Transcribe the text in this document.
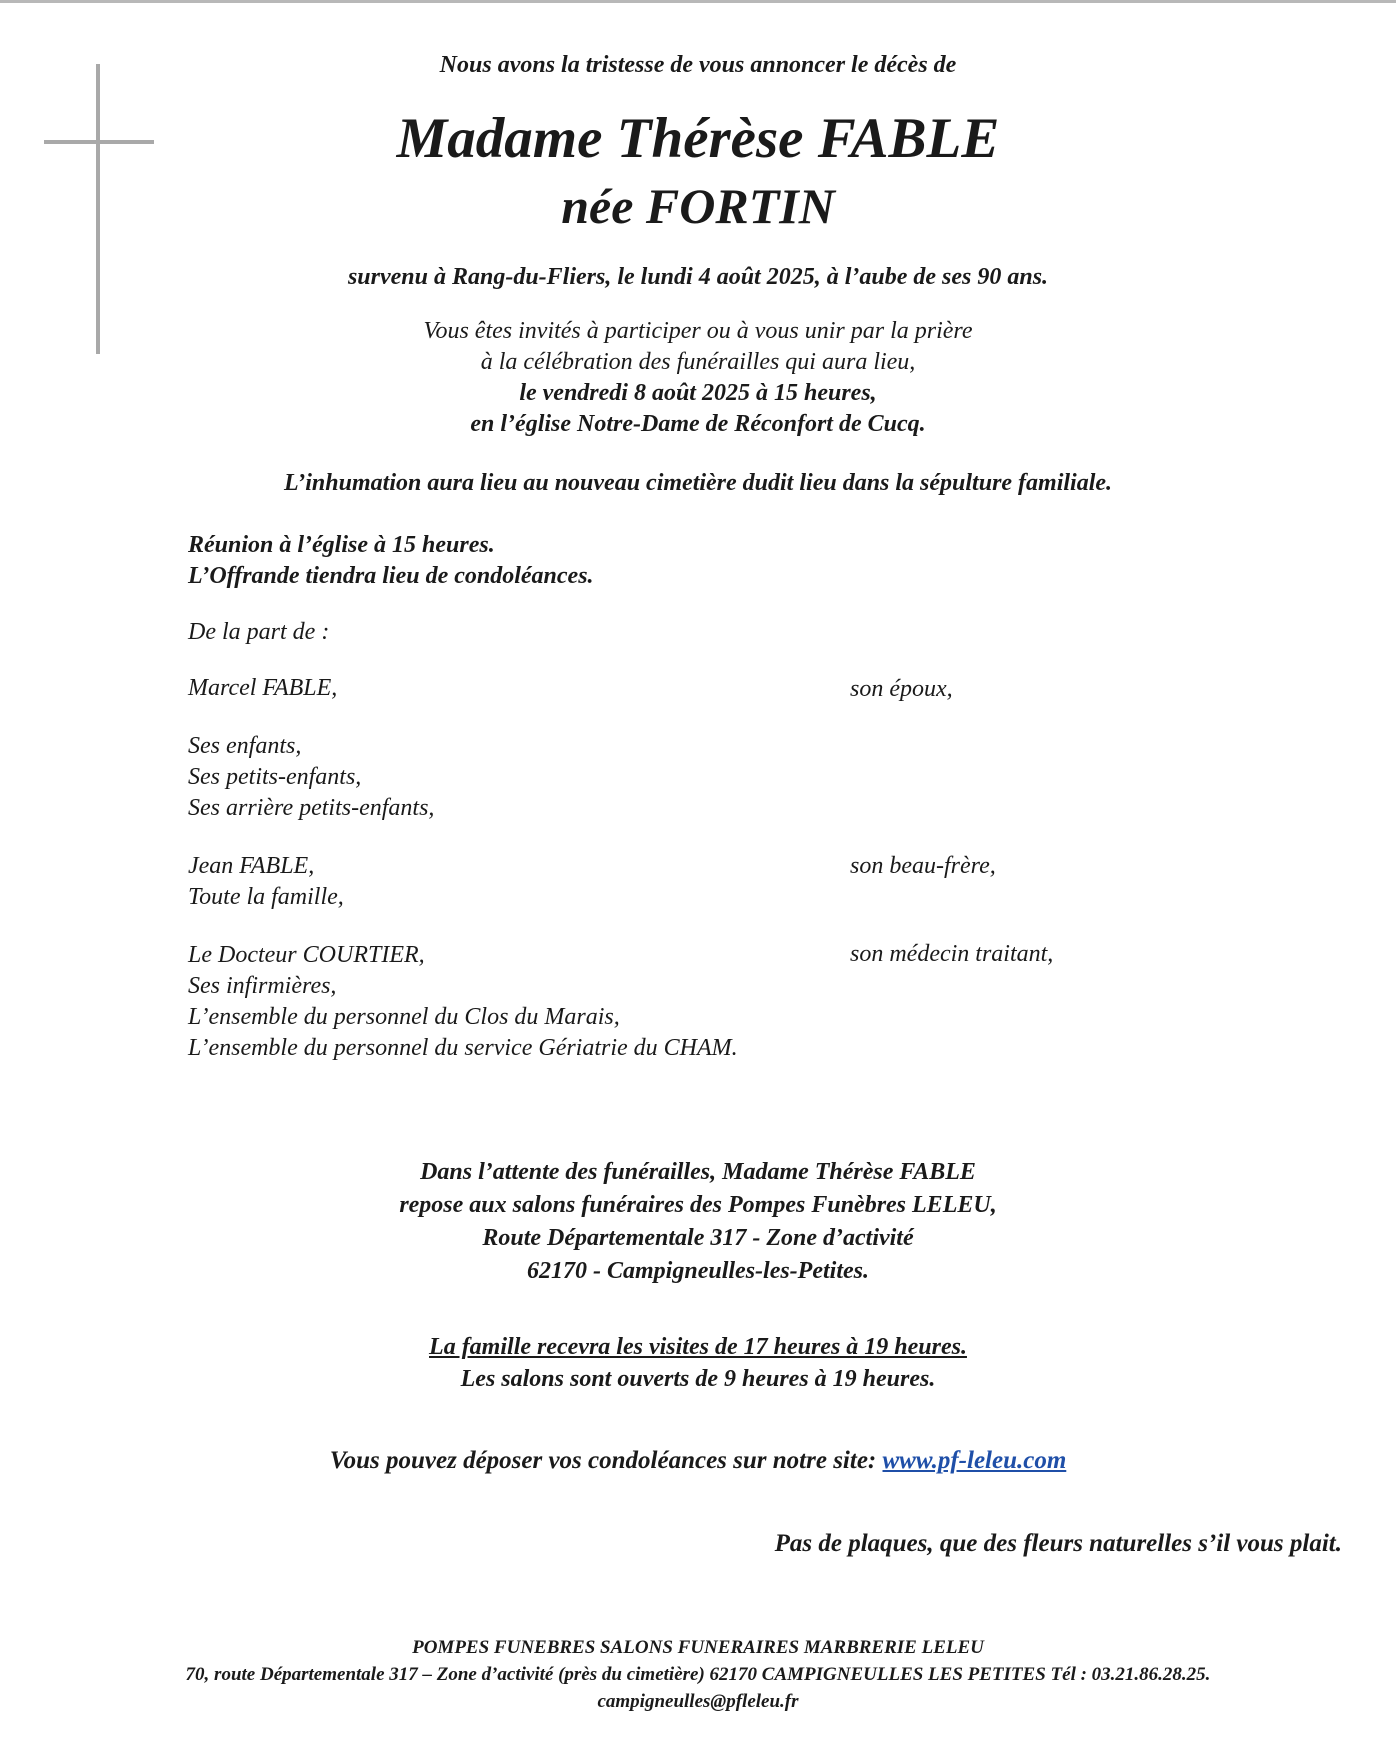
Nous avons la tristesse de vous annoncer le décès de
Madame Thérèse FABLE
née FORTIN
survenu à Rang-du-Fliers, le lundi 4 août 2025, à l’aube de ses 90 ans.
Vous êtes invités à participer ou à vous unir par la prière
à la célébration des funérailles qui aura lieu,
le vendredi 8 août 2025 à 15 heures,
en l’église Notre-Dame de Réconfort de Cucq.
L’inhumation aura lieu au nouveau cimetière dudit lieu dans la sépulture familiale.
Réunion à l’église à 15 heures.
L’Offrande tiendra lieu de condoléances.
De la part de :
Marcel FABLE,	son époux,
Ses enfants,
Ses petits-enfants,
Ses arrière petits-enfants,
Jean FABLE,
Toute la famille,
son beau-frère,
Le Docteur COURTIER,
Ses infirmières,
L’ensemble du personnel du Clos du Marais,
L’ensemble du personnel du service Gériatrie du CHAM.
son médecin traitant,
Dans l’attente des funérailles, Madame Thérèse FABLE
repose aux salons funéraires des Pompes Funèbres LELEU,
Route Départementale 317 - Zone d’activité
62170 - Campigneulles-les-Petites.
La famille recevra les visites de 17 heures à 19 heures.
Les salons sont ouverts de 9 heures à 19 heures.
Vous pouvez déposer vos condoléances sur notre site: www.pf-leleu.com
Pas de plaques, que des fleurs naturelles s’il vous plait.
POMPES FUNEBRES SALONS FUNERAIRES MARBRERIE LELEU
70, route Départementale 317 – Zone d’activité (près du cimetière) 62170 CAMPIGNEULLES LES PETITES Tél : 03.21.86.28.25.
campigneulles@pfleleu.fr
